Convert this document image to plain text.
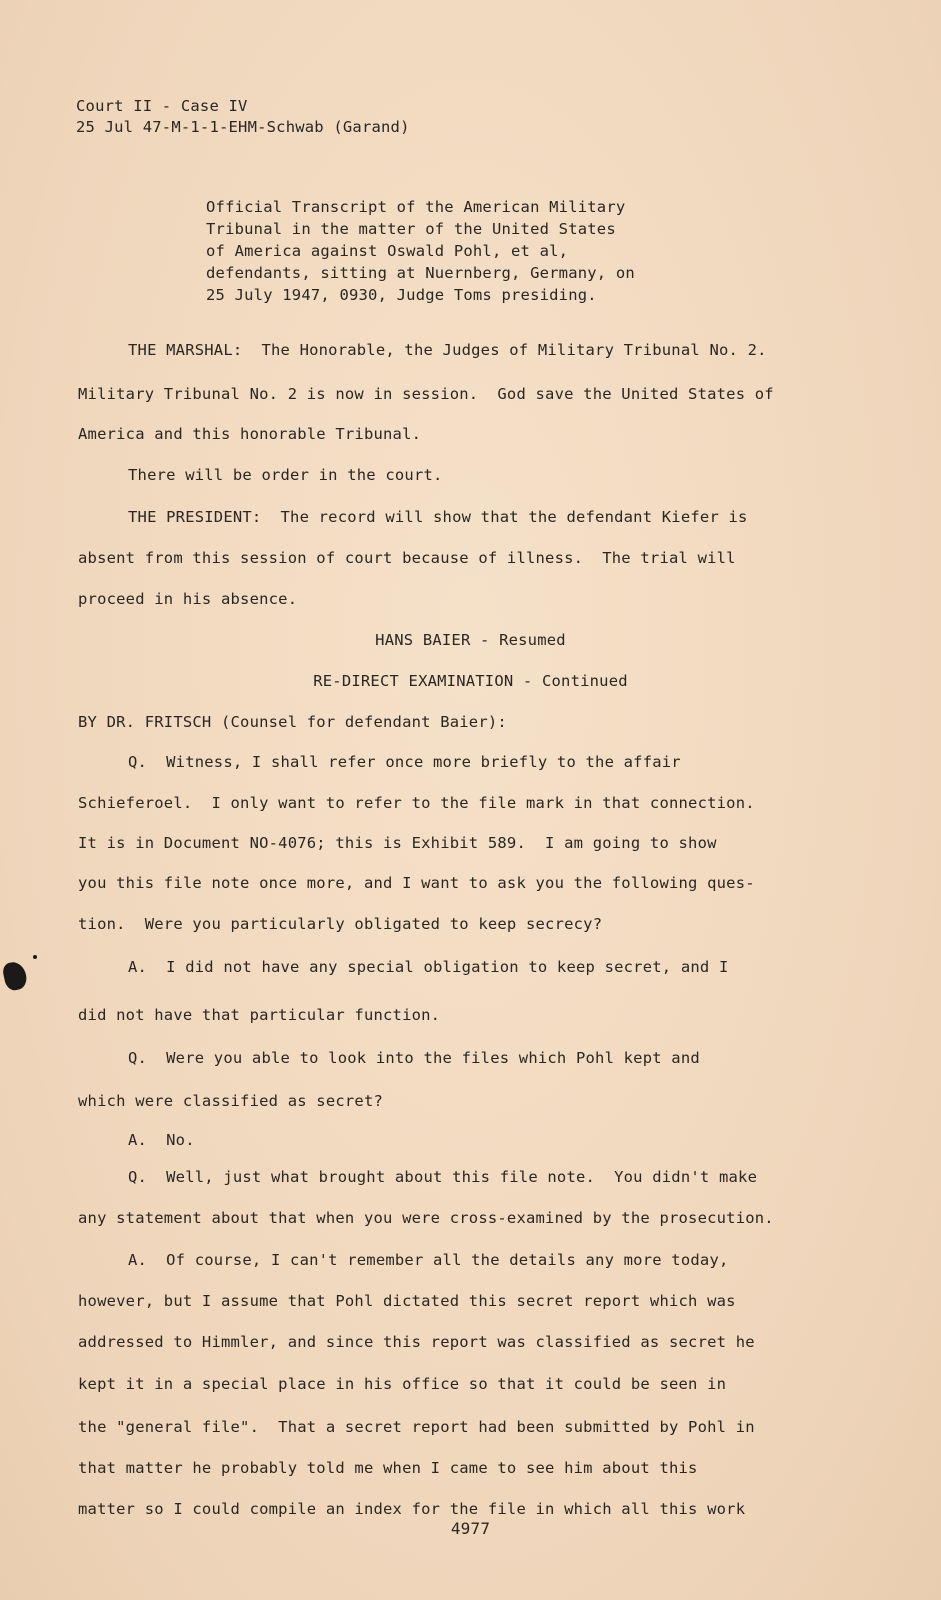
Court II - Case IV
25 Jul 47-M-1-1-EHM-Schwab (Garand)
Official Transcript of the American Military
Tribunal in the matter of the United States
of America against Oswald Pohl, et al,
defendants, sitting at Nuernberg, Germany, on
25 July 1947, 0930, Judge Toms presiding.
THE MARSHAL:  The Honorable, the Judges of Military Tribunal No. 2.
Military Tribunal No. 2 is now in session.  God save the United States of
America and this honorable Tribunal.
There will be order in the court.
THE PRESIDENT:  The record will show that the defendant Kiefer is
absent from this session of court because of illness.  The trial will
proceed in his absence.
HANS BAIER - Resumed
RE-DIRECT EXAMINATION - Continued
BY DR. FRITSCH (Counsel for defendant Baier):
Q.  Witness, I shall refer once more briefly to the affair
Schieferoel.  I only want to refer to the file mark in that connection.
It is in Document NO-4076; this is Exhibit 589.  I am going to show
you this file note once more, and I want to ask you the following ques-
tion.  Were you particularly obligated to keep secrecy?
A.  I did not have any special obligation to keep secret, and I
did not have that particular function.
Q.  Were you able to look into the files which Pohl kept and
which were classified as secret?
A.  No.
Q.  Well, just what brought about this file note.  You didn't make
any statement about that when you were cross-examined by the prosecution.
A.  Of course, I can't remember all the details any more today,
however, but I assume that Pohl dictated this secret report which was
addressed to Himmler, and since this report was classified as secret he
kept it in a special place in his office so that it could be seen in
the "general file".  That a secret report had been submitted by Pohl in
that matter he probably told me when I came to see him about this
matter so I could compile an index for the file in which all this work
4977
